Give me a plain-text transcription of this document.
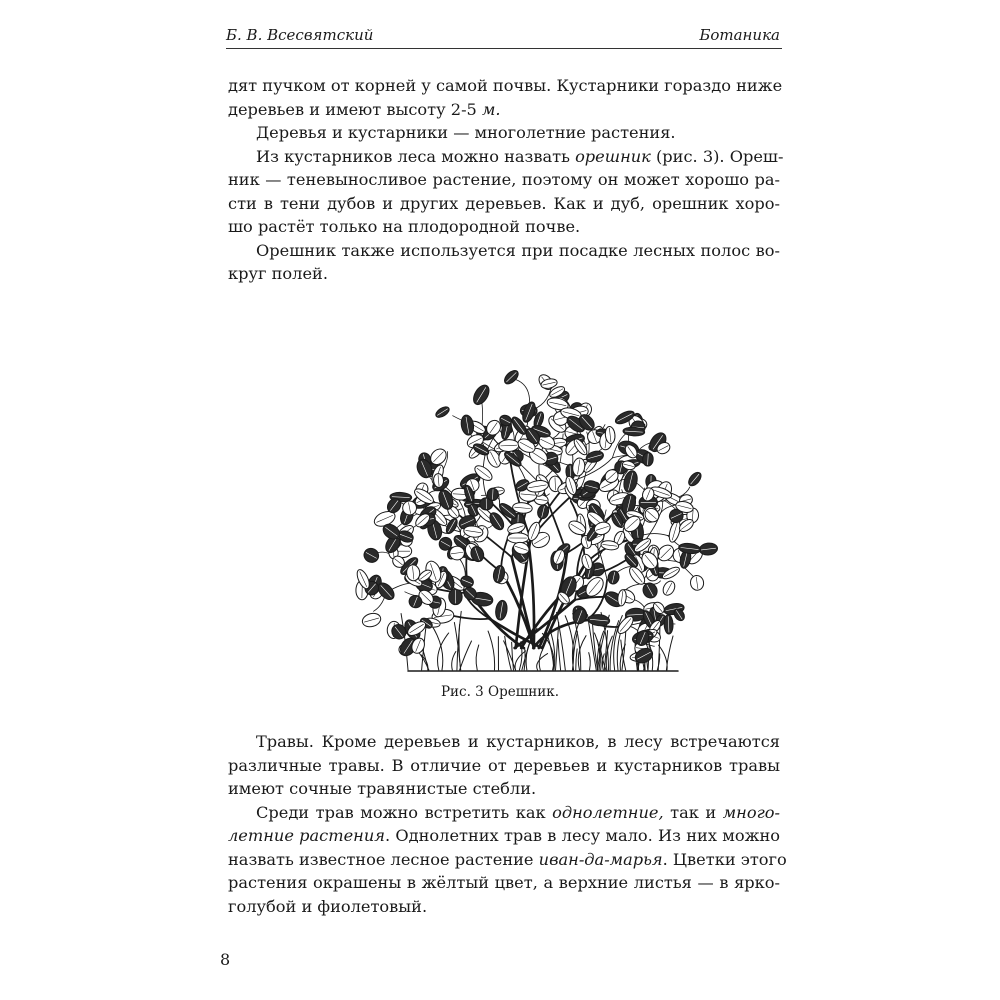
Б. В. Всесвятский	Ботаника
дят пучком от корней у самой почвы. Кустарники гораздо ниже
деревьев и имеют высоту 2-5 м.
Деревья и кустарники — многолетние растения.
Из кустарников леса можно назвать орешник (рис. 3). Ореш-
ник — теневыносливое растение, поэтому он может хорошо ра-
сти в тени дубов и других деревьев. Как и дуб, орешник хоро-
шо растёт только на плодородной почве.
Орешник также используется при посадке лесных полос во-
круг полей.
Рис. 3 Орешник.
Травы. Кроме деревьев и кустарников, в лесу встречаются
различные травы. В отличие от деревьев и кустарников травы
имеют сочные травянистые стебли.
Среди трав можно встретить как однолетние, так и много-
летние растения. Однолетних трав в лесу мало. Из них можно
назвать известное лесное растение иван-да-марья. Цветки этого
растения окрашены в жёлтый цвет, а верхние листья — в ярко-
голубой и фиолетовый.
8
